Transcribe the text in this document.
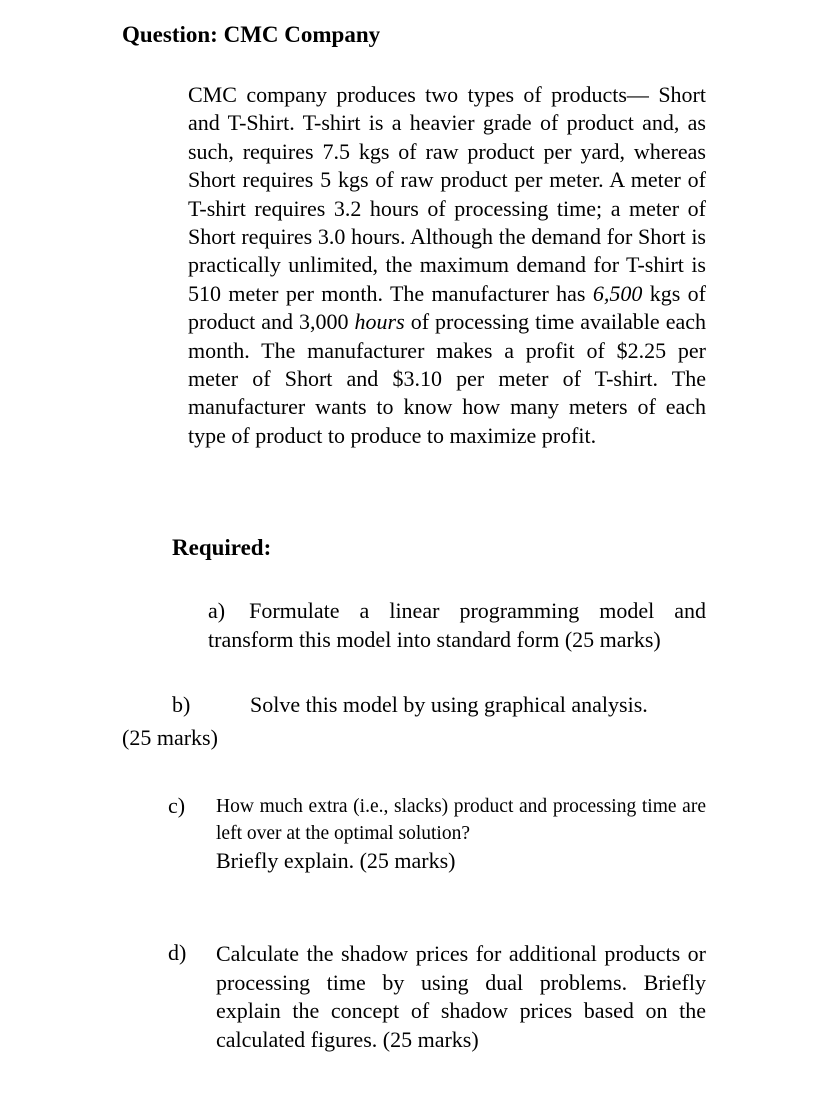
Question: CMC Company

CMC company produces two types of products— Short and T-Shirt. T-shirt is a heavier grade of product and, as such, requires 7.5 kgs of raw product per yard, whereas Short requires 5 kgs of raw product per meter. A meter of T-shirt requires 3.2 hours of processing time; a meter of Short requires 3.0 hours. Although the demand for Short is practically unlimited, the maximum demand for T-shirt is 510 meter per month. The manufacturer has 6,500 kgs of product and 3,000 hours of processing time available each month. The manufacturer makes a profit of $2.25 per meter of Short and $3.10 per meter of T-shirt. The manufacturer wants to know how many meters of each type of product to produce to maximize profit.

Required:

a) Formulate a linear programming model and transform this model into standard form (25 marks)

b)	Solve this model by using graphical analysis.
(25 marks)
c) How much extra (i.e., slacks) product and processing time are left over at the optimal solution?
Briefly explain. (25 marks)
d) Calculate the shadow prices for additional products or processing time by using dual problems. Briefly explain the concept of shadow prices based on the calculated figures. (25 marks)
